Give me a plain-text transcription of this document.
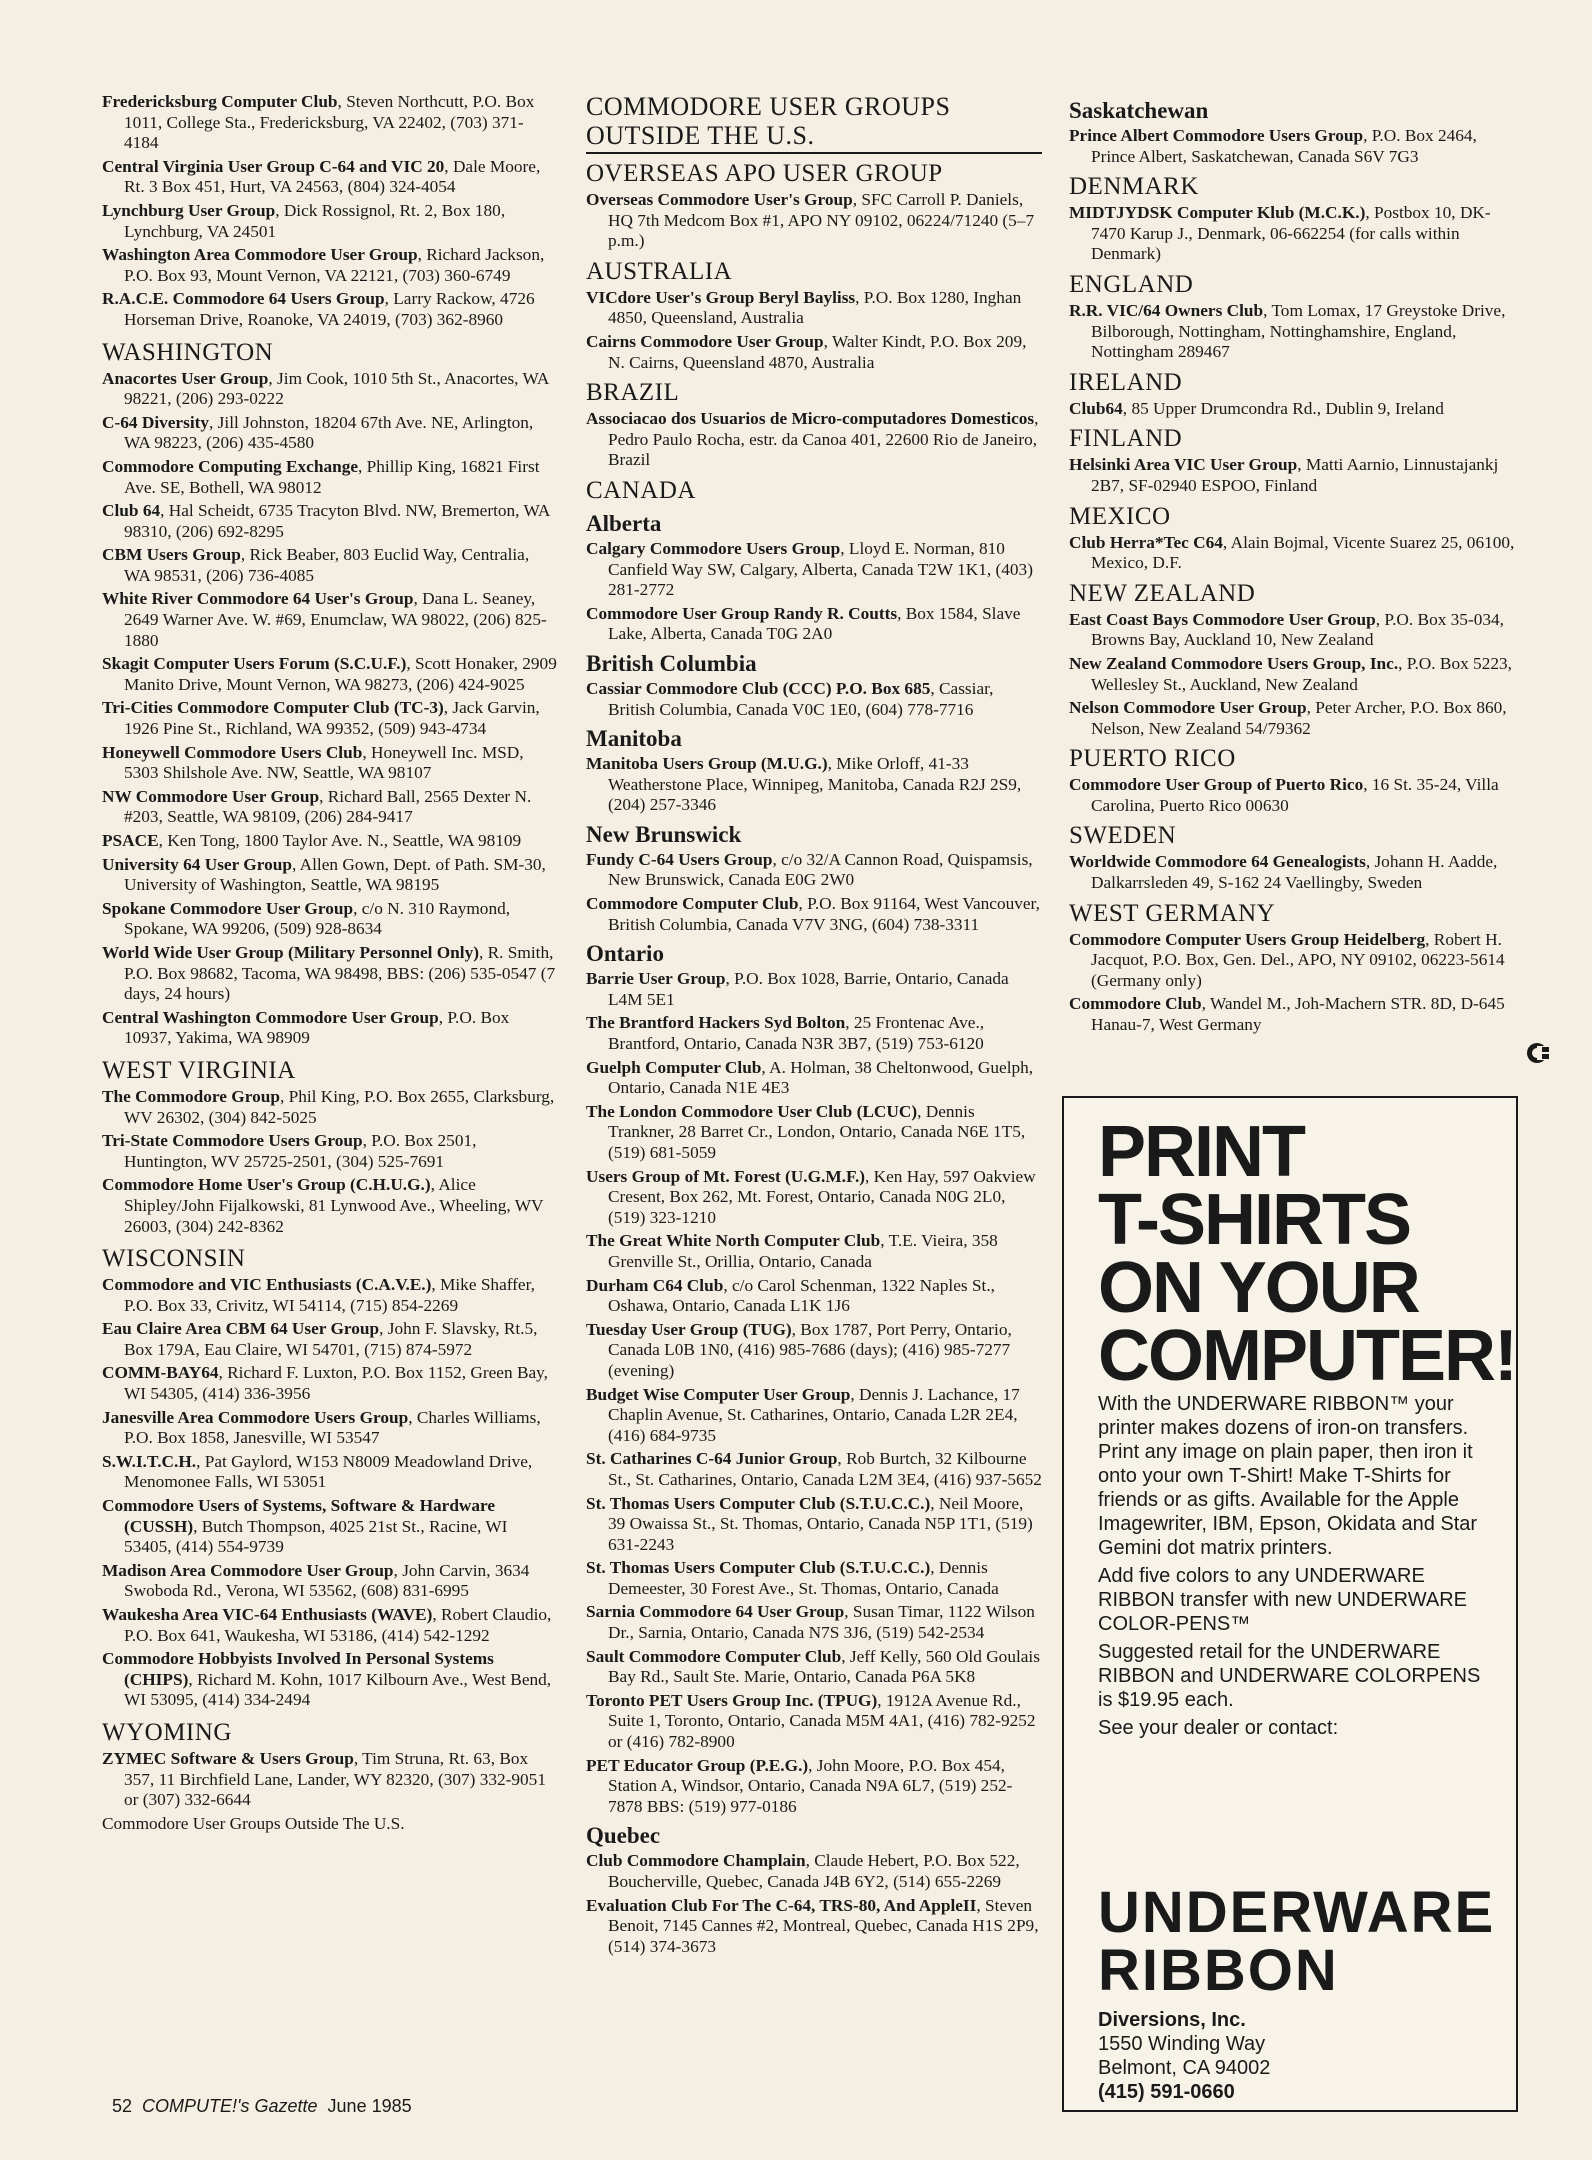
Fredericksburg Computer Club, Steven Northcutt, P.O. Box 1011, College Sta., Fredericksburg, VA 22402, (703) 371-4184
Central Virginia User Group C-64 and VIC 20, Dale Moore, Rt. 3 Box 451, Hurt, VA 24563, (804) 324-4054
Lynchburg User Group, Dick Rossignol, Rt. 2, Box 180, Lynchburg, VA 24501
Washington Area Commodore User Group, Richard Jackson, P.O. Box 93, Mount Vernon, VA 22121, (703) 360-6749
R.A.C.E. Commodore 64 Users Group, Larry Rackow, 4726 Horseman Drive, Roanoke, VA 24019, (703) 362-8960
WASHINGTON
Anacortes User Group, Jim Cook, 1010 5th St., Anacortes, WA 98221, (206) 293-0222
C-64 Diversity, Jill Johnston, 18204 67th Ave. NE, Arlington, WA 98223, (206) 435-4580
Commodore Computing Exchange, Phillip King, 16821 First Ave. SE, Bothell, WA 98012
Club 64, Hal Scheidt, 6735 Tracyton Blvd. NW, Bremerton, WA 98310, (206) 692-8295
CBM Users Group, Rick Beaber, 803 Euclid Way, Centralia, WA 98531, (206) 736-4085
White River Commodore 64 User's Group, Dana L. Seaney, 2649 Warner Ave. W. #69, Enumclaw, WA 98022, (206) 825-1880
Skagit Computer Users Forum (S.C.U.F.), Scott Honaker, 2909 Manito Drive, Mount Vernon, WA 98273, (206) 424-9025
Tri-Cities Commodore Computer Club (TC-3), Jack Garvin, 1926 Pine St., Richland, WA 99352, (509) 943-4734
Honeywell Commodore Users Club, Honeywell Inc. MSD, 5303 Shilshole Ave. NW, Seattle, WA 98107
NW Commodore User Group, Richard Ball, 2565 Dexter N. #203, Seattle, WA 98109, (206) 284-9417
PSACE, Ken Tong, 1800 Taylor Ave. N., Seattle, WA 98109
University 64 User Group, Allen Gown, Dept. of Path. SM-30, University of Washington, Seattle, WA 98195
Spokane Commodore User Group, c/o N. 310 Raymond, Spokane, WA 99206, (509) 928-8634
World Wide User Group (Military Personnel Only), R. Smith, P.O. Box 98682, Tacoma, WA 98498, BBS: (206) 535-0547 (7 days, 24 hours)
Central Washington Commodore User Group, P.O. Box 10937, Yakima, WA 98909
WEST VIRGINIA
The Commodore Group, Phil King, P.O. Box 2655, Clarksburg, WV 26302, (304) 842-5025
Tri-State Commodore Users Group, P.O. Box 2501, Huntington, WV 25725-2501, (304) 525-7691
Commodore Home User's Group (C.H.U.G.), Alice Shipley/John Fijalkowski, 81 Lynwood Ave., Wheeling, WV 26003, (304) 242-8362
WISCONSIN
Commodore and VIC Enthusiasts (C.A.V.E.), Mike Shaffer, P.O. Box 33, Crivitz, WI 54114, (715) 854-2269
Eau Claire Area CBM 64 User Group, John F. Slavsky, Rt.5, Box 179A, Eau Claire, WI 54701, (715) 874-5972
COMM-BAY64, Richard F. Luxton, P.O. Box 1152, Green Bay, WI 54305, (414) 336-3956
Janesville Area Commodore Users Group, Charles Williams, P.O. Box 1858, Janesville, WI 53547
S.W.I.T.C.H., Pat Gaylord, W153 N8009 Meadowland Drive, Menomonee Falls, WI 53051
Commodore Users of Systems, Software & Hardware (CUSSH), Butch Thompson, 4025 21st St., Racine, WI 53405, (414) 554-9739
Madison Area Commodore User Group, John Carvin, 3634 Swoboda Rd., Verona, WI 53562, (608) 831-6995
Waukesha Area VIC-64 Enthusiasts (WAVE), Robert Claudio, P.O. Box 641, Waukesha, WI 53186, (414) 542-1292
Commodore Hobbyists Involved In Personal Systems (CHIPS), Richard M. Kohn, 1017 Kilbourn Ave., West Bend, WI 53095, (414) 334-2494
WYOMING
ZYMEC Software & Users Group, Tim Struna, Rt. 63, Box 357, 11 Birchfield Lane, Lander, WY 82320, (307) 332-9051 or (307) 332-6644
Commodore User Groups Outside The U.S.
COMMODORE USER GROUPS OUTSIDE THE U.S.
OVERSEAS APO USER GROUP
Overseas Commodore User's Group, SFC Carroll P. Daniels, HQ 7th Medcom Box #1, APO NY 09102, 06224/71240 (5–7 p.m.)
AUSTRALIA
VICdore User's Group Beryl Bayliss, P.O. Box 1280, Inghan 4850, Queensland, Australia
Cairns Commodore User Group, Walter Kindt, P.O. Box 209, N. Cairns, Queensland 4870, Australia
BRAZIL
Associacao dos Usuarios de Micro-computadores Domesticos, Pedro Paulo Rocha, estr. da Canoa 401, 22600 Rio de Janeiro, Brazil
CANADA
Alberta
Calgary Commodore Users Group, Lloyd E. Norman, 810 Canfield Way SW, Calgary, Alberta, Canada T2W 1K1, (403) 281-2772
Commodore User Group Randy R. Coutts, Box 1584, Slave Lake, Alberta, Canada T0G 2A0
British Columbia
Cassiar Commodore Club (CCC) P.O. Box 685, Cassiar, British Columbia, Canada V0C 1E0, (604) 778-7716
Manitoba
Manitoba Users Group (M.U.G.), Mike Orloff, 41-33 Weatherstone Place, Winnipeg, Manitoba, Canada R2J 2S9, (204) 257-3346
New Brunswick
Fundy C-64 Users Group, c/o 32/A Cannon Road, Quispamsis, New Brunswick, Canada E0G 2W0
Commodore Computer Club, P.O. Box 91164, West Vancouver, British Columbia, Canada V7V 3NG, (604) 738-3311
Ontario
Barrie User Group, P.O. Box 1028, Barrie, Ontario, Canada L4M 5E1
The Brantford Hackers Syd Bolton, 25 Frontenac Ave., Brantford, Ontario, Canada N3R 3B7, (519) 753-6120
Guelph Computer Club, A. Holman, 38 Cheltonwood, Guelph, Ontario, Canada N1E 4E3
The London Commodore User Club (LCUC), Dennis Trankner, 28 Barret Cr., London, Ontario, Canada N6E 1T5, (519) 681-5059
Users Group of Mt. Forest (U.G.M.F.), Ken Hay, 597 Oakview Cresent, Box 262, Mt. Forest, Ontario, Canada N0G 2L0, (519) 323-1210
The Great White North Computer Club, T.E. Vieira, 358 Grenville St., Orillia, Ontario, Canada
Durham C64 Club, c/o Carol Schenman, 1322 Naples St., Oshawa, Ontario, Canada L1K 1J6
Tuesday User Group (TUG), Box 1787, Port Perry, Ontario, Canada L0B 1N0, (416) 985-7686 (days); (416) 985-7277 (evening)
Budget Wise Computer User Group, Dennis J. Lachance, 17 Chaplin Avenue, St. Catharines, Ontario, Canada L2R 2E4, (416) 684-9735
St. Catharines C-64 Junior Group, Rob Burtch, 32 Kilbourne St., St. Catharines, Ontario, Canada L2M 3E4, (416) 937-5652
St. Thomas Users Computer Club (S.T.U.C.C.), Neil Moore, 39 Owaissa St., St. Thomas, Ontario, Canada N5P 1T1, (519) 631-2243
St. Thomas Users Computer Club (S.T.U.C.C.), Dennis Demeester, 30 Forest Ave., St. Thomas, Ontario, Canada
Sarnia Commodore 64 User Group, Susan Timar, 1122 Wilson Dr., Sarnia, Ontario, Canada N7S 3J6, (519) 542-2534
Sault Commodore Computer Club, Jeff Kelly, 560 Old Goulais Bay Rd., Sault Ste. Marie, Ontario, Canada P6A 5K8
Toronto PET Users Group Inc. (TPUG), 1912A Avenue Rd., Suite 1, Toronto, Ontario, Canada M5M 4A1, (416) 782-9252 or (416) 782-8900
PET Educator Group (P.E.G.), John Moore, P.O. Box 454, Station A, Windsor, Ontario, Canada N9A 6L7, (519) 252-7878 BBS: (519) 977-0186
Quebec
Club Commodore Champlain, Claude Hebert, P.O. Box 522, Boucherville, Quebec, Canada J4B 6Y2, (514) 655-2269
Evaluation Club For The C-64, TRS-80, And AppleII, Steven Benoit, 7145 Cannes #2, Montreal, Quebec, Canada H1S 2P9, (514) 374-3673
Saskatchewan
Prince Albert Commodore Users Group, P.O. Box 2464, Prince Albert, Saskatchewan, Canada S6V 7G3
DENMARK
MIDTJYDSK Computer Klub (M.C.K.), Postbox 10, DK-7470 Karup J., Denmark, 06-662254 (for calls within Denmark)
ENGLAND
R.R. VIC/64 Owners Club, Tom Lomax, 17 Greystoke Drive, Bilborough, Nottingham, Nottinghamshire, England, Nottingham 289467
IRELAND
Club64, 85 Upper Drumcondra Rd., Dublin 9, Ireland
FINLAND
Helsinki Area VIC User Group, Matti Aarnio, Linnustajankj 2B7, SF-02940 ESPOO, Finland
MEXICO
Club Herra*Tec C64, Alain Bojmal, Vicente Suarez 25, 06100, Mexico, D.F.
NEW ZEALAND
East Coast Bays Commodore User Group, P.O. Box 35-034, Browns Bay, Auckland 10, New Zealand
New Zealand Commodore Users Group, Inc., P.O. Box 5223, Wellesley St., Auckland, New Zealand
Nelson Commodore User Group, Peter Archer, P.O. Box 860, Nelson, New Zealand 54/79362
PUERTO RICO
Commodore User Group of Puerto Rico, 16 St. 35-24, Villa Carolina, Puerto Rico 00630
SWEDEN
Worldwide Commodore 64 Genealogists, Johann H. Aadde, Dalkarrsleden 49, S-162 24 Vaellingby, Sweden
WEST GERMANY
Commodore Computer Users Group Heidelberg, Robert H. Jacquot, P.O. Box, Gen. Del., APO, NY 09102, 06223-5614 (Germany only)
Commodore Club, Wandel M., Joh-Machern STR. 8D, D-645 Hanau-7, West Germany
PRINT
T-SHIRTS
ON YOUR
COMPUTER!

With the UNDERWARE RIBBON™ your printer makes dozens of iron-on transfers. Print any image on plain paper, then iron it onto your own T-Shirt! Make T-Shirts for friends or as gifts. Available for the Apple Imagewriter, IBM, Epson, Okidata and Star Gemini dot matrix printers.

Add five colors to any UNDERWARE RIBBON transfer with new UNDERWARE COLOR-PENS™

Suggested retail for the UNDERWARE RIBBON and UNDERWARE COLORPENS is $19.95 each.

See your dealer or contact:

UNDERWARE
RIBBON
Diversions, Inc.
1550 Winding Way
Belmont, CA 94002
(415) 591-0660
52 COMPUTE!'s Gazette June 1985
